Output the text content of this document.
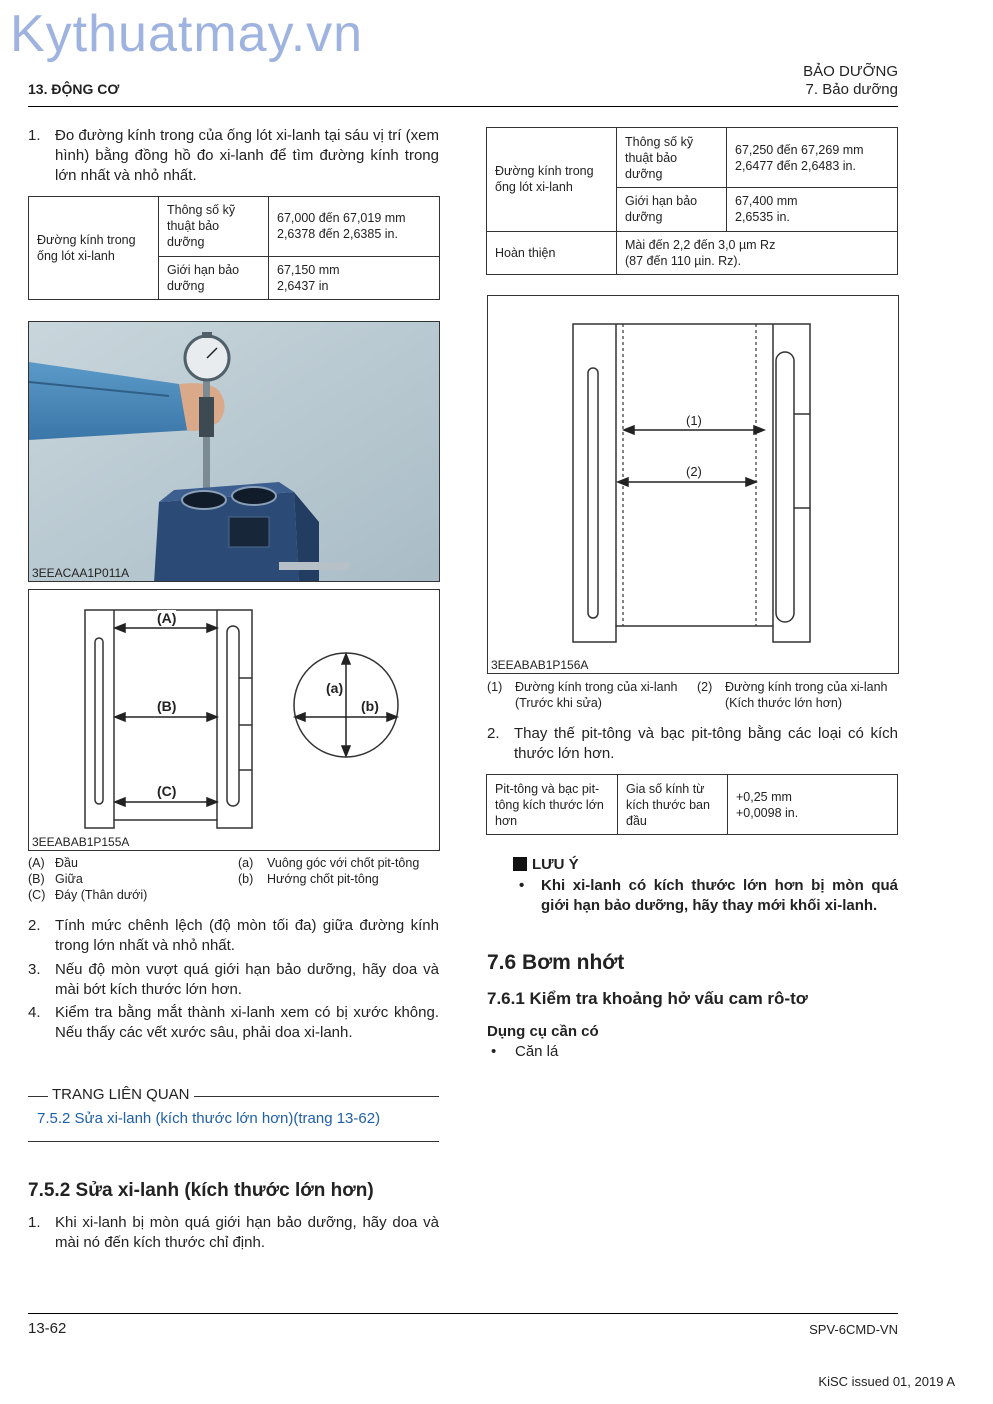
Kythuatmay.vn
13. ĐỘNG CƠ
BẢO DƯỠNG
7. Bảo dưỡng
1. Đo đường kính trong của ống lót xi-lanh tại sáu vị trí (xem hình) bằng đồng hồ đo xi-lanh để tìm đường kính trong lớn nhất và nhỏ nhất.
Đường kính trong ống lót xi-lanh	Thông số kỹ thuật bảo dưỡng	67,000 đến 67,019 mm
2,6378 đến 2,6385 in.

	Giới hạn bảo dưỡng	67,150 mm
2,6437 in
3EEACAA1P011A
(A)
(B)
(C)
(a)
(b)
3EEABAB1P155A
(A) Đầu
(B) Giữa
(C) Đáy (Thân dưới)
(a) Vuông góc với chốt pit-tông
(b) Hướng chốt pit-tông
2. Tính mức chênh lệch (độ mòn tối đa) giữa đường kính trong lớn nhất và nhỏ nhất.
3. Nếu độ mòn vượt quá giới hạn bảo dưỡng, hãy doa và mài bớt kích thước lớn hơn.
4. Kiểm tra bằng mắt thành xi-lanh xem có bị xước không. Nếu thấy các vết xước sâu, phải doa xi-lanh.
TRANG LIÊN QUAN
7.5.2 Sửa xi-lanh (kích thước lớn hơn)(trang 13-62)
7.5.2 Sửa xi-lanh (kích thước lớn hơn)
1. Khi xi-lanh bị mòn quá giới hạn bảo dưỡng, hãy doa và mài nó đến kích thước chỉ định.
Đường kính trong ống lót xi-lanh	Thông số kỹ thuật bảo dưỡng	67,250 đến 67,269 mm
2,6477 đến 2,6483 in.

	Giới hạn bảo dưỡng	67,400 mm
2,6535 in.

Hoàn thiện	Mài đến 2,2 đến 3,0 µm Rz
(87 đến 110 µin. Rz).	
(1)
(2)
3EEABAB1P156A
(1) Đường kính trong của xi-lanh (Trước khi sửa)
(2) Đường kính trong của xi-lanh (Kích thước lớn hơn)
2. Thay thế pit-tông và bạc pit-tông bằng các loại có kích thước lớn hơn.
Pit-tông và bạc pit-tông kích thước lớn hơn	Gia số kính từ kích thước ban đầu	
+0,25 mm
+0,0098 in.
LƯU Ý
• Khi xi-lanh có kích thước lớn hơn bị mòn quá giới hạn bảo dưỡng, hãy thay mới khối xi-lanh.
7.6 Bơm nhớt
7.6.1 Kiểm tra khoảng hở vấu cam rô-tơ
Dụng cụ cần có
• Căn lá
13-62	SPV-6CMD-VN
KiSC issued 01, 2019 A
